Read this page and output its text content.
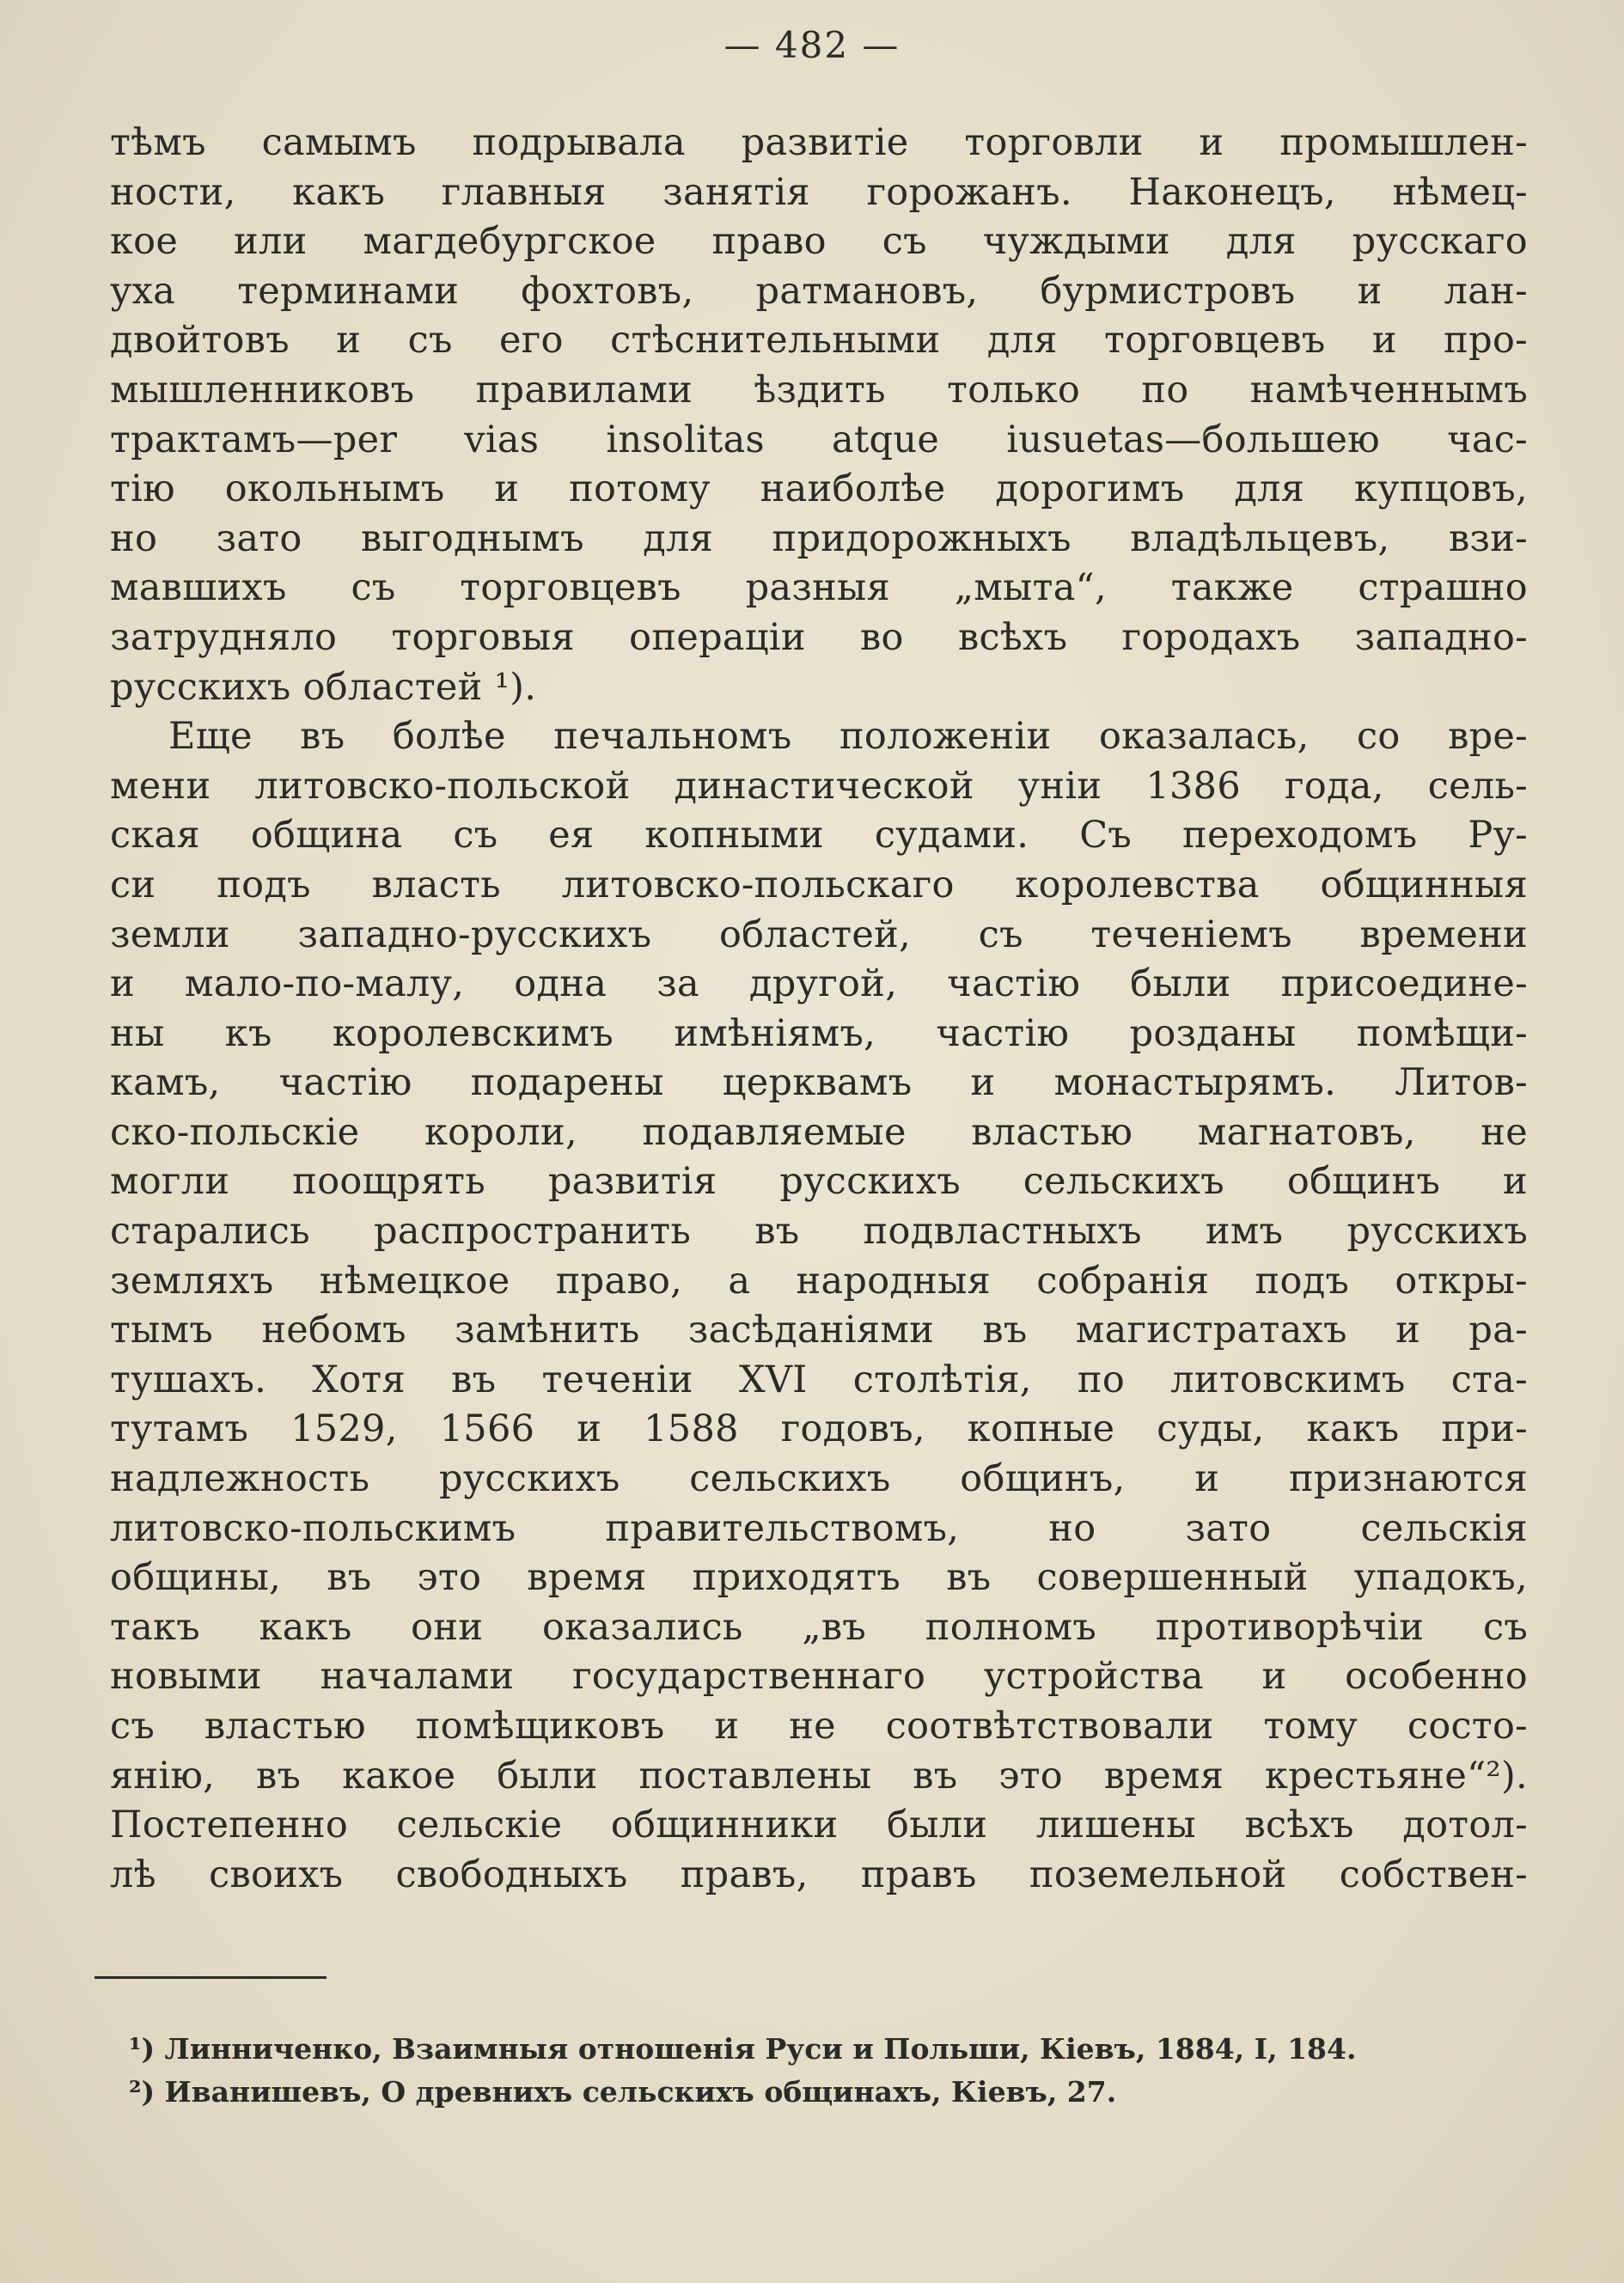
— 482 —
тѣмъ самымъ подрывала развитіе торговли и промышлен-
ности, какъ главныя занятія горожанъ. Наконецъ, нѣмец-
кое или магдебургское право съ чуждыми для русскаго
уха терминами фохтовъ, ратмановъ, бурмистровъ и лан-
двойтовъ и съ его стѣснительными для торговцевъ и про-
мышленниковъ правилами ѣздить только по намѣченнымъ
трактамъ—per vias insolitas atque iusuetas—большею час-
тію окольнымъ и потому наиболѣе дорогимъ для купцовъ,
но зато выгоднымъ для придорожныхъ владѣльцевъ, взи-
мавшихъ съ торговцевъ разныя „мыта“, также страшно
затрудняло торговыя операціи во всѣхъ городахъ западно-
русскихъ областей ¹).
Еще въ болѣе печальномъ положеніи оказалась, со вре-
мени литовско-польской династической уніи 1386 года, сель-
ская община съ ея копными судами. Съ переходомъ Ру-
си подъ власть литовско-польскаго королевства общинныя
земли западно-русскихъ областей, съ теченіемъ времени
и мало-по-малу, одна за другой, частію были присоедине-
ны къ королевскимъ имѣніямъ, частію розданы помѣщи-
камъ, частію подарены церквамъ и монастырямъ. Литов-
ско-польскіе короли, подавляемые властью магнатовъ, не
могли поощрять развитія русскихъ сельскихъ общинъ и
старались распространить въ подвластныхъ имъ русскихъ
земляхъ нѣмецкое право, а народныя собранія подъ откры-
тымъ небомъ замѣнить засѣданіями въ магистратахъ и ра-
тушахъ. Хотя въ теченіи XVI столѣтія, по литовскимъ ста-
тутамъ 1529, 1566 и 1588 годовъ, копные суды, какъ при-
надлежность русскихъ сельскихъ общинъ, и признаются
литовско-польскимъ правительствомъ, но зато сельскія
общины, въ это время приходятъ въ совершенный упадокъ,
такъ какъ они оказались „въ полномъ противорѣчіи съ
новыми началами государственнаго устройства и особенно
съ властью помѣщиковъ и не соотвѣтствовали тому состо-
янію, въ какое были поставлены въ это время крестьяне“²).
Постепенно сельскіе общинники были лишены всѣхъ дотол-
лѣ своихъ свободныхъ правъ, правъ поземельной собствен-
¹) Линниченко, Взаимныя отношенія Руси и Польши, Кіевъ, 1884, I, 184.
²) Иванишевъ, О древнихъ сельскихъ общинахъ, Кіевъ, 27.
